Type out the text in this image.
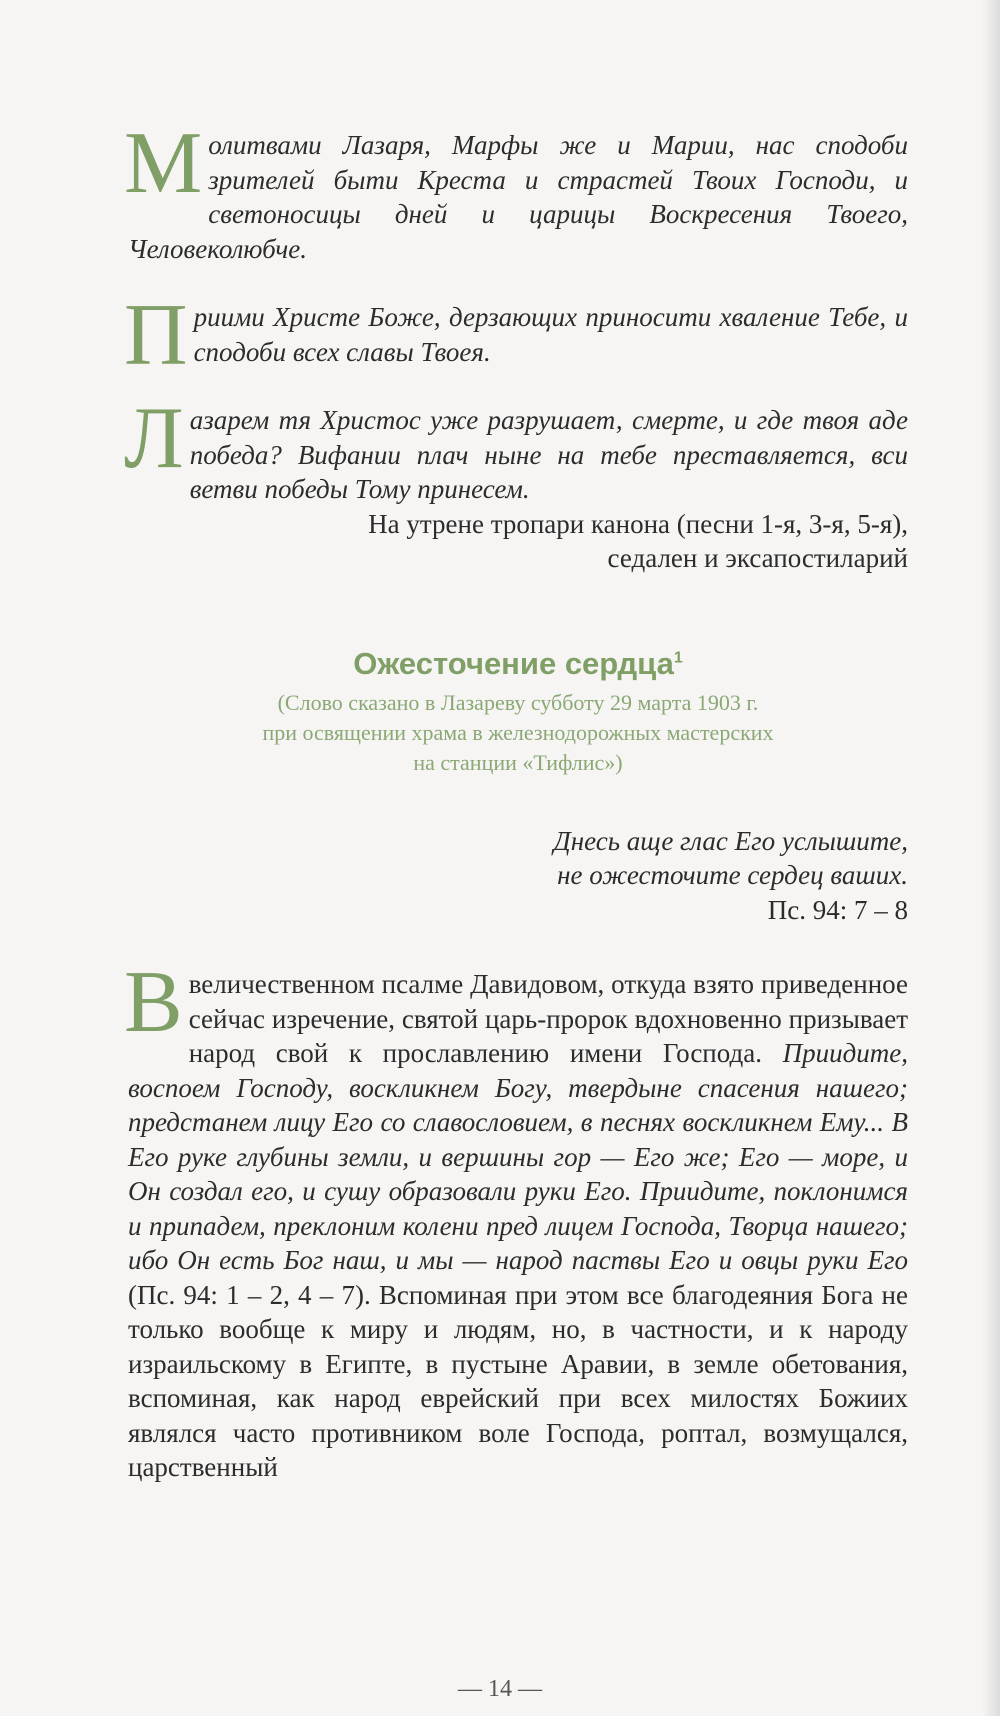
Молитвами Лазаря, Марфы же и Марии, нас сподоби зрителей быти Креста и страстей Твоих Господи, и светоносицы дней и царицы Воскресения Твоего, Человеколюбче.

Приими Христе Боже, дерзающих приносити хваление Тебе, и сподоби всех славы Твоея.

Лазарем тя Христос уже разрушает, смерте, и где твоя аде победа? Вифании плач ныне на тебе преставляется, вси ветви победы Тому принесем.

На утрене тропари канона (песни 1-я, 3-я, 5-я),
седален и эксапостиларий
Ожесточение сердца$^1$
(Слово сказано в Лазареву субботу 29 марта 1903 г.
при освящении храма в железнодорожных мастерских
на станции «Тифлис»)
Днесь аще глас Его услышите,
не ожесточите сердец ваших.
Пс. 94: 7 – 8

В величественном псалме Давидовом, откуда взято приведенное сейчас изречение, святой царь-пророк вдохновенно призывает народ свой к прославлению имени Господа. Приидите, воспоем Господу, воскликнем Богу, твердыне спасения нашего; предстанем лицу Его со славословием, в песнях воскликнем Ему... В Его руке глубины земли, и вершины гор — Его же; Его — море, и Он создал его, и сушу образовали руки Его. Приидите, поклонимся и припадем, преклоним колени пред лицем Господа, Творца нашего; ибо Он есть Бог наш, и мы — народ паствы Его и овцы руки Его (Пс. 94: 1 – 2, 4 – 7). Вспоминая при этом все благодеяния Бога не только вообще к миру и людям, но, в частности, и к народу израильскому в Египте, в пустыне Аравии, в земле обетования, вспоминая, как народ еврейский при всех милостях Божиих являлся часто противником воле Господа, роптал, возмущался, царственный

— 14 —
